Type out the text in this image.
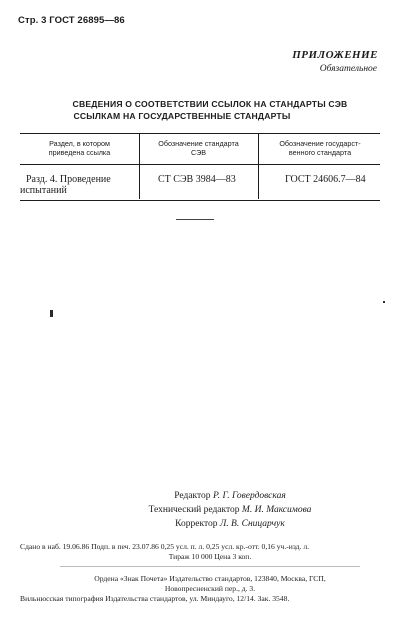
Стр. 3 ГОСТ 26895—86
ПРИЛОЖЕНИЕ
Обязательное
СВЕДЕНИЯ О СООТВЕТСТВИИ ССЫЛОК НА СТАНДАРТЫ СЭВ
ССЫЛКАМ НА ГОСУДАРСТВЕННЫЕ СТАНДАРТЫ
Раздел, в котором
приведена ссылка
Обозначение стандарта
СЭВ
Обозначение государст-
венного стандарта
Разд. 4. Проведение
испытаний
СТ СЭВ 3984—83	ГОСТ 24606.7—84
Редактор Р. Г. Говердовская
Технический редактор М. И. Максимова
Корректор Л. В. Сницарчук
Сдано в наб. 19.06.86 Подп. в печ. 23.07.86 0,25 усл. п. л. 0,25 усл. кр.-отт. 0,16 уч.-изд. л.
Тираж 10 000 Цена 3 коп.
Ордена «Знак Почета» Издательство стандартов, 123840, Москва, ГСП,
Новопресненский пер., д. 3.
Вильнюсская типография Издательства стандартов, ул. Миндауго, 12/14. Зак. 3548.
